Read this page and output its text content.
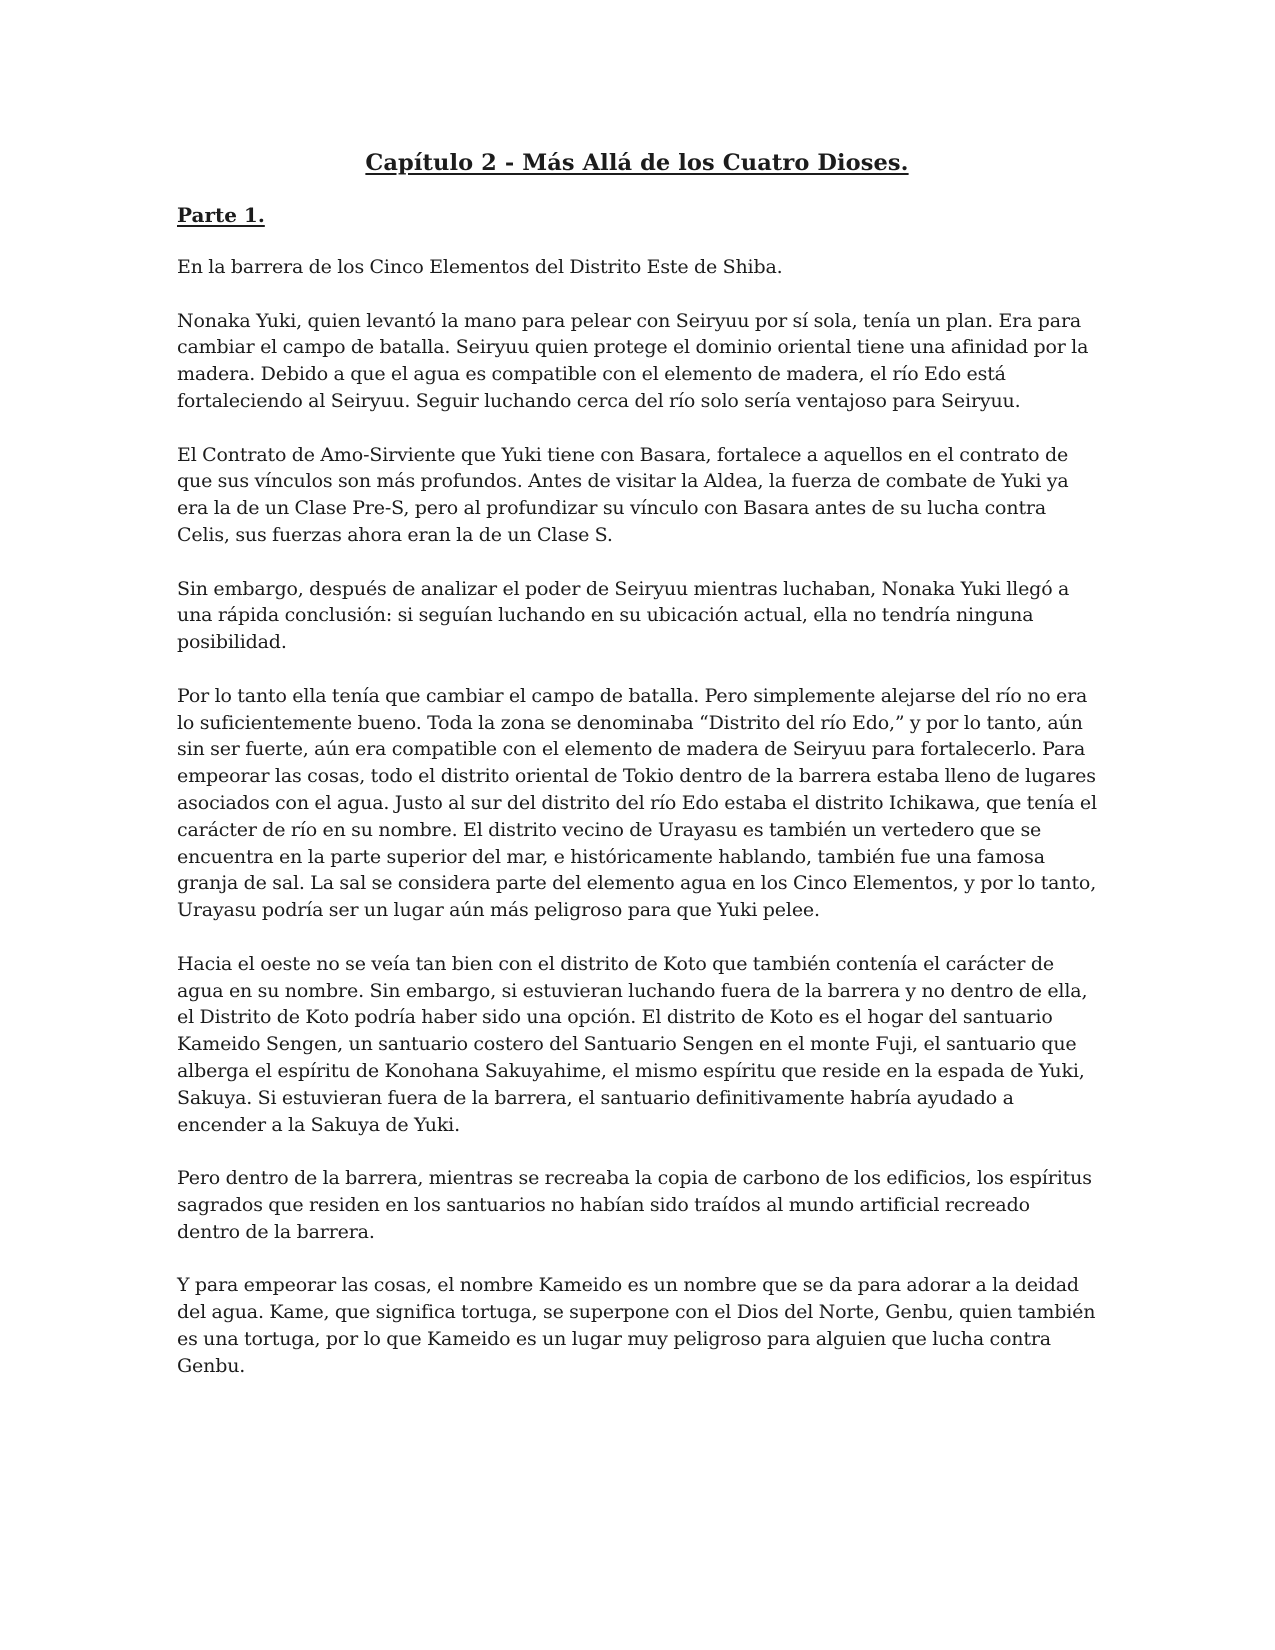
Capítulo 2 - Más Allá de los Cuatro Dioses.
Parte 1.

En la barrera de los Cinco Elementos del Distrito Este de Shiba.

Nonaka Yuki, quien levantó la mano para pelear con Seiryuu por sí sola, tenía un plan. Era para cambiar el campo de batalla. Seiryuu quien protege el dominio oriental tiene una afinidad por la madera. Debido a que el agua es compatible con el elemento de madera, el río Edo está fortaleciendo al Seiryuu. Seguir luchando cerca del río solo sería ventajoso para Seiryuu.

El Contrato de Amo-Sirviente que Yuki tiene con Basara, fortalece a aquellos en el contrato de que sus vínculos son más profundos. Antes de visitar la Aldea, la fuerza de combate de Yuki ya era la de un Clase Pre-S, pero al profundizar su vínculo con Basara antes de su lucha contra Celis, sus fuerzas ahora eran la de un Clase S.

Sin embargo, después de analizar el poder de Seiryuu mientras luchaban, Nonaka Yuki llegó a una rápida conclusión: si seguían luchando en su ubicación actual, ella no tendría ninguna posibilidad.

Por lo tanto ella tenía que cambiar el campo de batalla. Pero simplemente alejarse del río no era lo suficientemente bueno. Toda la zona se denominaba “Distrito del río Edo,” y por lo tanto, aún sin ser fuerte, aún era compatible con el elemento de madera de Seiryuu para fortalecerlo. Para empeorar las cosas, todo el distrito oriental de Tokio dentro de la barrera estaba lleno de lugares asociados con el agua. Justo al sur del distrito del río Edo estaba el distrito Ichikawa, que tenía el carácter de río en su nombre. El distrito vecino de Urayasu es también un vertedero que se encuentra en la parte superior del mar, e históricamente hablando, también fue una famosa granja de sal. La sal se considera parte del elemento agua en los Cinco Elementos, y por lo tanto, Urayasu podría ser un lugar aún más peligroso para que Yuki pelee.

Hacia el oeste no se veía tan bien con el distrito de Koto que también contenía el carácter de agua en su nombre. Sin embargo, si estuvieran luchando fuera de la barrera y no dentro de ella, el Distrito de Koto podría haber sido una opción. El distrito de Koto es el hogar del santuario Kameido Sengen, un santuario costero del Santuario Sengen en el monte Fuji, el santuario que alberga el espíritu de Konohana Sakuyahime, el mismo espíritu que reside en la espada de Yuki, Sakuya. Si estuvieran fuera de la barrera, el santuario definitivamente habría ayudado a encender a la Sakuya de Yuki.

Pero dentro de la barrera, mientras se recreaba la copia de carbono de los edificios, los espíritus sagrados que residen en los santuarios no habían sido traídos al mundo artificial recreado dentro de la barrera.

Y para empeorar las cosas, el nombre Kameido es un nombre que se da para adorar a la deidad del agua. Kame, que significa tortuga, se superpone con el Dios del Norte, Genbu, quien también es una tortuga, por lo que Kameido es un lugar muy peligroso para alguien que lucha contra Genbu.
